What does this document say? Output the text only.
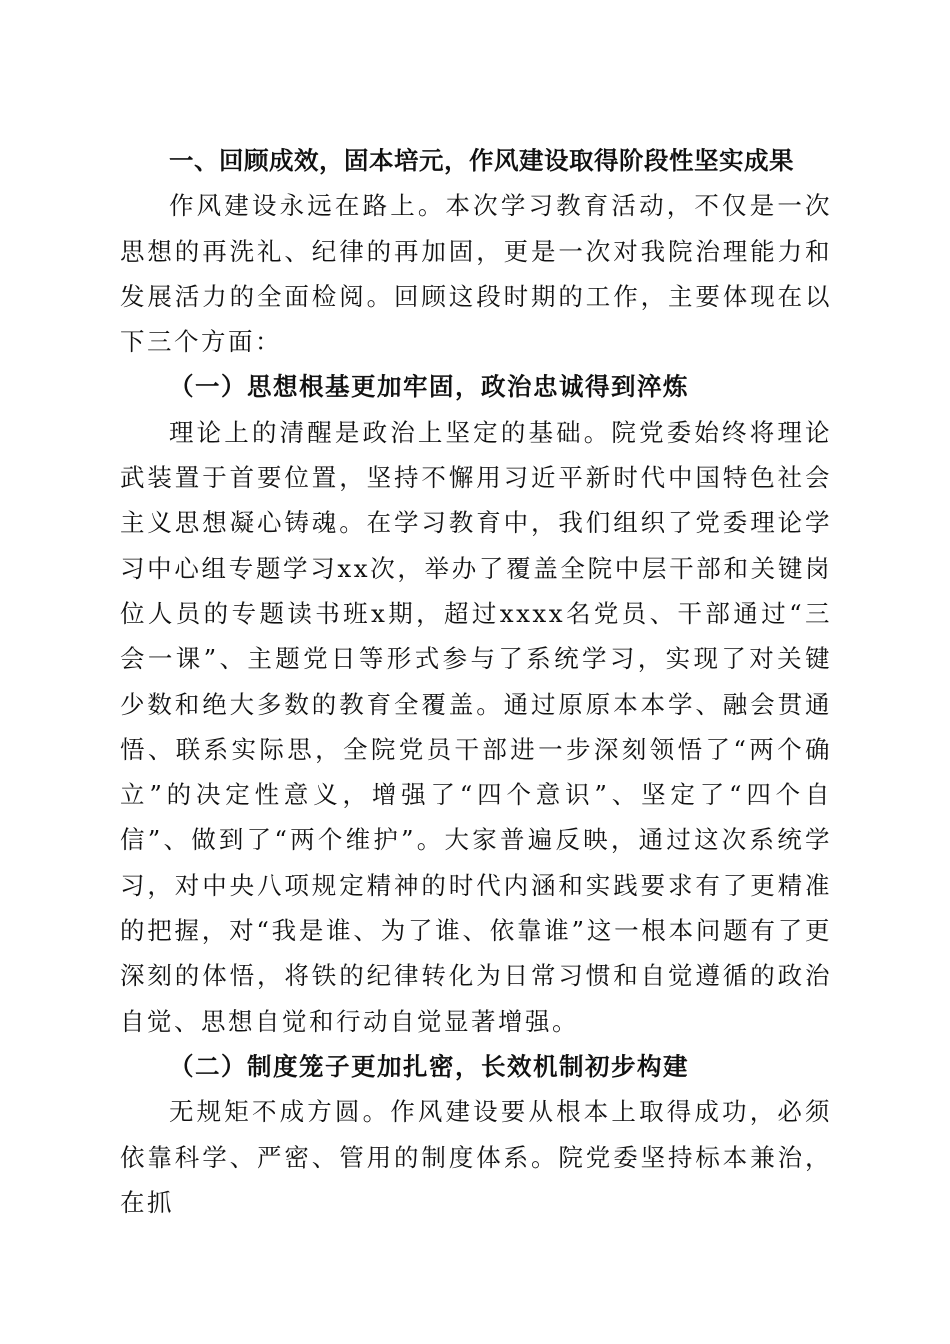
一、回顾成效，固本培元，作风建设取得阶段性坚实成果

作风建设永远在路上。本次学习教育活动，不仅是一次思想的再洗礼、纪律的再加固，更是一次对我院治理能力和发展活力的全面检阅。回顾这段时期的工作，主要体现在以下三个方面：

（一）思想根基更加牢固，政治忠诚得到淬炼

理论上的清醒是政治上坚定的基础。院党委始终将理论武装置于首要位置，坚持不懈用习近平新时代中国特色社会主义思想凝心铸魂。在学习教育中，我们组织了党委理论学习中心组专题学习xx次，举办了覆盖全院中层干部和关键岗位人员的专题读书班x期，超过xxxx名党员、干部通过“三会一课”、主题党日等形式参与了系统学习，实现了对关键少数和绝大多数的教育全覆盖。通过原原本本学、融会贯通悟、联系实际思，全院党员干部进一步深刻领悟了“两个确立”的决定性意义，增强了“四个意识”、坚定了“四个自信”、做到了“两个维护”。大家普遍反映，通过这次系统学习，对中央八项规定精神的时代内涵和实践要求有了更精准的把握，对“我是谁、为了谁、依靠谁”这一根本问题有了更深刻的体悟，将铁的纪律转化为日常习惯和自觉遵循的政治自觉、思想自觉和行动自觉显著增强。

（二）制度笼子更加扎密，长效机制初步构建

无规矩不成方圆。作风建设要从根本上取得成功，必须依靠科学、严密、管用的制度体系。院党委坚持标本兼治，在抓
